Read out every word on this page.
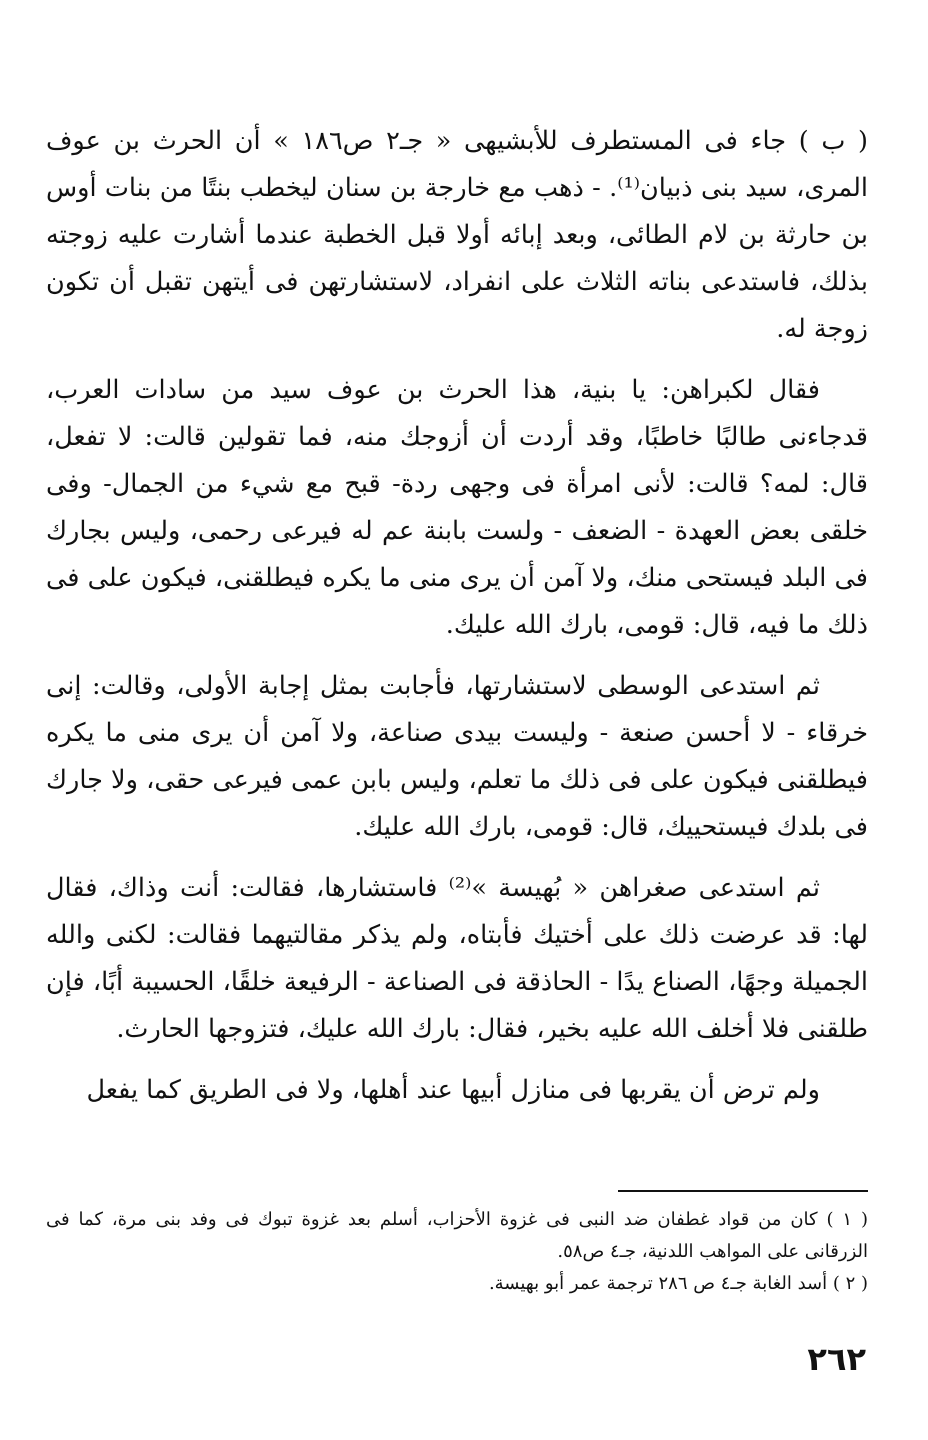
( ب ) جاء فى المستطرف للأبشيهى « جـ٢ ص١٨٦ » أن الحرث بن عوف المرى، سيد بنى ذبيان⁽¹⁾. - ذهب مع خارجة بن سنان ليخطب بنتًا من بنات أوس بن حارثة بن لام الطائى، وبعد إبائه أولا قبل الخطبة عندما أشارت عليه زوجته بذلك، فاستدعى بناته الثلاث على انفراد، لاستشارتهن فى أيتهن تقبل أن تكون زوجة له.

فقال لكبراهن: يا بنية، هذا الحرث بن عوف سيد من سادات العرب، قدجاءنى طالبًا خاطبًا، وقد أردت أن أزوجك منه، فما تقولين قالت: لا تفعل، قال: لمه؟ قالت: لأنى امرأة فى وجهى ردة- قبح مع شيء من الجمال- وفى خلقى بعض العهدة - الضعف - ولست بابنة عم له فيرعى رحمى، وليس بجارك فى البلد فيستحى منك، ولا آمن أن يرى منى ما يكره فيطلقنى، فيكون على فى ذلك ما فيه، قال: قومى، بارك الله عليك.

ثم استدعى الوسطى لاستشارتها، فأجابت بمثل إجابة الأولى، وقالت: إنى خرقاء - لا أحسن صنعة - وليست بيدى صناعة، ولا آمن أن يرى منى ما يكره فيطلقنى فيكون على فى ذلك ما تعلم، وليس بابن عمى فيرعى حقى، ولا جارك فى بلدك فيستحييك، قال: قومى، بارك الله عليك.

ثم استدعى صغراهن « بُهيسة »⁽²⁾ فاستشارها، فقالت: أنت وذاك، فقال لها: قد عرضت ذلك على أختيك فأبتاه، ولم يذكر مقالتيهما فقالت: لكنى والله الجميلة وجهًا، الصناع يدًا - الحاذقة فى الصناعة - الرفيعة خلقًا، الحسيبة أبًا، فإن طلقنى فلا أخلف الله عليه بخير، فقال: بارك الله عليك، فتزوجها الحارث.

ولم ترض أن يقربها فى منازل أبيها عند أهلها، ولا فى الطريق كما يفعل

( ١ ) كان من قواد غطفان ضد النبى فى غزوة الأحزاب، أسلم بعد غزوة تبوك فى وفد بنى مرة، كما فى الزرقانى على المواهب اللدنية، جـ٤ ص٥٨.

( ٢ ) أسد الغابة جـ٤ ص ٢٨٦ ترجمة عمر أبو بهيسة.

٢٦٢
